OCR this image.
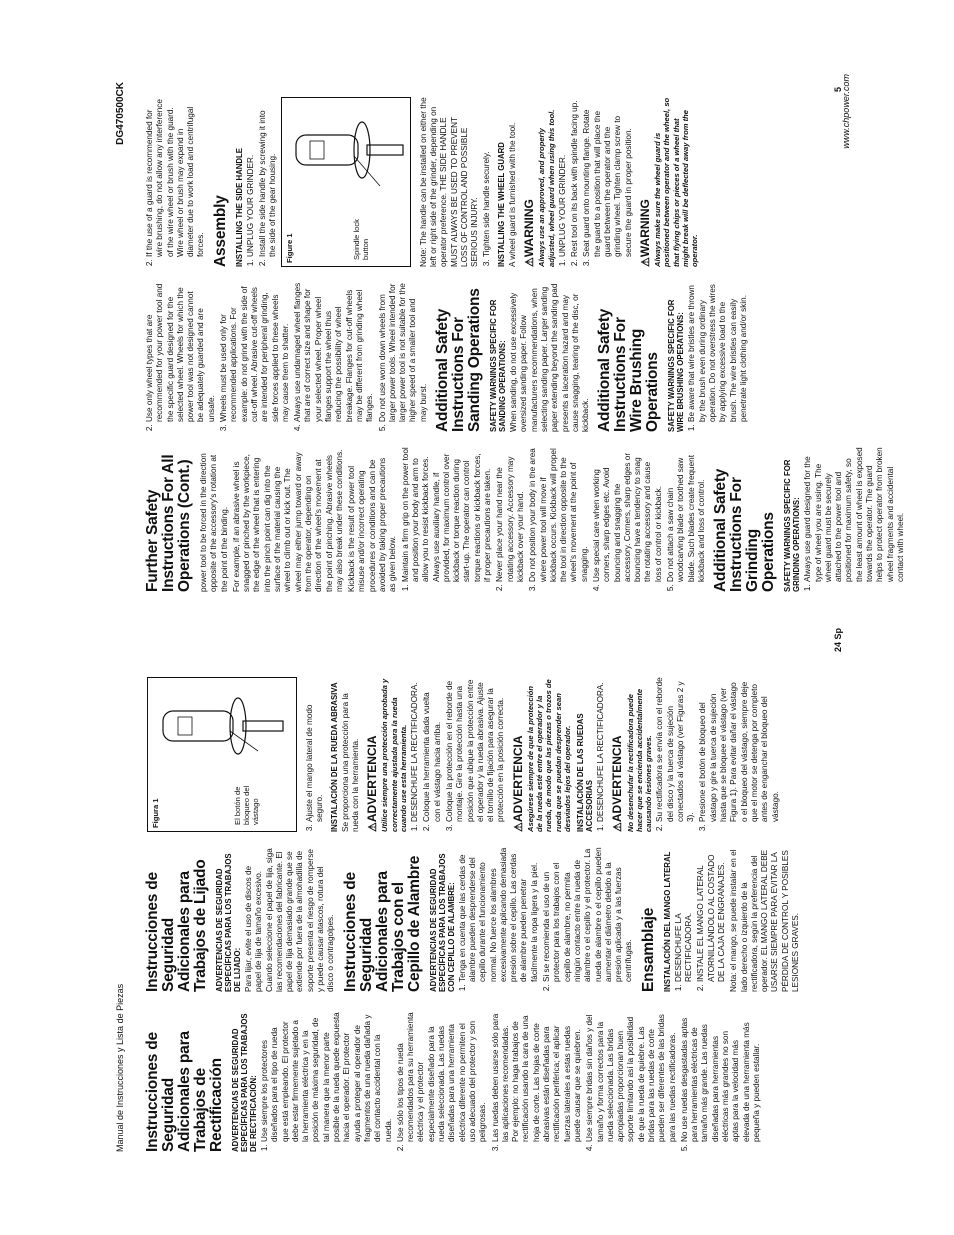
Manual de Instrucciones y Lista de Piezas
DG470500CK
24 Sp
5
www.chpower.com
Instrucciones de Seguridad Adicionales para Trabajos de Rectificación ADVERTENCIAS DE SEGURIDAD ESPECÍFICAS PARA LOS TRABAJOS DE RECTIFICACIÓN: 1. Use siempre los protectores diseñados para el tipo de rueda que está empleando. El protector debe estar firmemente sujetado a la herramienta eléctrica y en la posición de máxima seguridad, de tal manera que la menor parte posible de la rueda quede expuesta hacia el operador. El protector ayuda a proteger al operador de fragmentos de una rueda dañada y del contacto accidental con la rueda. 2. Use sólo los tipos de rueda recomendados para su herramienta eléctrica y el protector especialmente diseñado para la rueda seleccionada. Las ruedas diseñadas para una herramienta eléctrica diferente no permiten el uso adecuado del protector y son peligrosas. 3. Las ruedas deben usarse sólo para las aplicaciones recomendadas. Por ejemplo: no haga trabajos de rectificación usando la cara de una hoja de corte. Las hojas de corte abrasivas están diseñadas para rectificación periférica; el aplicar fuerzas laterales a estas ruedas puede causar que se quiebren. 4. Use siempre bridas sin daños y del tamaño y forma correctos para la rueda seleccionada. Las bridas apropiadas proporcionan buen soporte limitando así la posibilidad de que la rueda de quiebre. Las bridas para las ruedas de corte pueden ser diferentes de las bridas para las ruedas rectificadoras. 5. No use ruedas desgastadas aptas para herramientas eléctricas de tamaño más grande. Las ruedas diseñadas para herramientas eléctricas más grandes no son aptas para la velocidad más elevada de una herramienta más pequeña y pueden estallar.
Instrucciones de Seguridad Adicionales para Trabajos de Lijado ADVERTENCIAS DE SEGURIDAD ESPECÍFICAS PARA LOS TRABAJOS DE LIJADO: Para lijar, evite el uso de discos de papel de lija de tamaño excesivo. Cuando seleccione el papel de lija, siga las recomendaciones del fabricante. El papel de lija demasiado grande que se extiende por fuera de la almohadilla de soporte presenta el riesgo de romperse y puede causar atascos, rotura del disco o contragolpes. Instrucciones de Seguridad Adicionales para Trabajos con el Cepillo de Alambre ADVERTENCIAS DE SEGURIDAD ESPECÍFICAS PARA LOS TRABAJOS CON CEPILLO DE ALAMBRE: 1. Tenga en cuenta que las cerdas de alambre pueden desprenderse del cepillo durante el funcionamiento normal. No fuerce los alambres excesivamente aplicando demasiada presión sobre el cepillo. Las cerdas de alambre pueden penetrar fácilmente la ropa ligera y la piel. 2. Si se recomienda el uso de un protector para los trabajos con el cepillo de alambre, no permita ningún contacto entre la rueda de alambre o el cepillo y el protector. La rueda de alambre o el cepillo pueden aumentar el diámetro debido a la presión aplicada y a las fuerzas centrífugas. Ensamblaje INSTALACIÓN DEL MANGO LATERAL 1. DESENCHUFE LA RECTIFICADORA. 2. INSTALE EL MANGO LATERAL ATORNILLÁNDOLO AL COSTADO DE LA CAJA DE ENGRANAJES. Nota: el mango, se puede instalar en el lado derecho o izquierdo de la rectificadora, según la preferencia del operador. EL MANGO LATERAL DEBE USARSE SIEMPRE PARA EVITAR LA PÉRDIDA DE CONTROL Y POSIBLES LESIONES GRAVES.

Figura 1	El botón de bloqueo del vástago	3. Ajuste el mango lateral de modo seguro. INSTALACIÓN DE LA RUEDA ABRASIVA Se proporciona una protección para la rueda con la herramienta. ⚠ADVERTENCIA Utilice siempre una protección aprobada y correctamente ajustada para la rueda cuando use esta herramienta. 1. DESENCHUFE LA RECTIFICADORA. 2. Coloque la herramienta dada vuelta con el vástago hacia arriba. 3. Coloque la protección en el reborde de montaje. Gire la protección hasta una posición que ubique la protección entre el operador y la rueda abrasiva. Ajuste el tornillo de fijación para asegurar la protección en la posición correcta.
⚠ADVERTENCIA Asegúrese siempre de que la protección de la rueda esté entre el operador y la rueda, de modo que las piezas o trozos de rueda que se puedan desprender sean desviados lejos del operador. INSTALACIÓN DE LAS RUEDAS ACCESORIAS 1. DESENCHUFE LA RECTIFICADORA.
⚠ADVERTENCIA No desenchufar la rectificadora puede hacer que se encienda accidentalmente causando lesiones graves. 2. Su rectificadora se envía con el reborde del disco y la tuerca de sujeción conectados al vástago (ver Figuras 2 y 3). 3. Presione el botón de bloqueo del vástago y gire la tuerca de sujeción hasta que se bloquee el vástago (ver Figura 1). Para evitar dañar el vástago o el bloqueo del vástago, siempre deje que el motor se detenga por completo antes de enganchar el bloqueo del vástago.
Further Safety Instructions For All Operations (Cont.) power tool to be forced in the direction opposite of the accessory's rotation at the point of the binding. For example, if an abrasive wheel is snagged or pinched by the workpiece, the edge of the wheel that is entering into the pinch point can dig into the surface of the material causing the wheel to climb out or kick out. The wheel may either jump toward or away from the operator, depending on direction of the wheel's movement at the point of pinching. Abrasive wheels may also break under these conditions. Kickback is the result of power tool misuse and/or incorrect operating procedures or conditions and can be avoided by taking proper precautions as given below. 1. Maintain a firm grip on the power tool and position your body and arm to allow you to resist kickback forces. Always use auxiliary handle, if provided, for maximum control over kickback or torque reaction during start-up. The operator can control torque reactions or kickback forces, if proper precautions are taken. 2. Never place your hand near the rotating accessory. Accessory may kickback over your hand. 3. Do not position your body in the area where power tool will move if kickback occurs. Kickback will propel the tool in direction opposite to the wheel's movement at the point of snagging. 4. Use special care when working corners, sharp edges etc. Avoid bouncing and snagging the accessory. Corners, sharp edges or bouncing have a tendency to snag the rotating accessory and cause loss of control or kickback. 5. Do not attach a saw chain woodcarving blade or toothed saw blade. Such blades create frequent kickback and loss of control. Additional Safety Instructions For Grinding Operations SAFETY WARNINGS SPECIFIC FOR GRINDING OPERATIONS: 1. Always use guard designed for the type of wheel you are using. The wheel guard must be securely attached to the power tool and positioned for maximum safety, so the least amount of wheel is exposed towards the operator. The guard helps to protect operator from broken wheel fragments and accidental contact with wheel.
2. Use only wheel types that are recommended for your power tool and the specific guard designed for the selected wheel. Wheels for which the power tool was not designed cannot be adequately guarded and are unsafe. 3. Wheels must be used only for recommended applications. For example: do not grind with the side of cut-off wheel. Abrasive cut-off wheels are intended for peripheral grinding, side forces applied to these wheels may cause them to shatter. 4. Always use undamaged wheel flanges that are of correct size and shape for your selected wheel. Proper wheel flanges support the wheel thus reducing the possibility of wheel breakage. Flanges for cut-off wheels may be different from grinding wheel flanges. 5. Do not use worn down wheels from larger power tools. Wheel intended for larger power tool is not suitable for the higher speed of a smaller tool and may burst. Additional Safety Instructions For Sanding Operations SAFETY WARNINGS SPECIFIC FOR SANDING OPERATIONS: When sanding, do not use excessively oversized sanding paper. Follow manufacturers recommendations, when selecting sanding paper. Larger sanding paper extending beyond the sanding pad presents a laceration hazard and may cause snagging, tearing of the disc, or kickback. Additional Safety Instructions For Wire Brushing Operations SAFETY WARNINGS SPECIFIC FOR WIRE BRUSHING OPERATIONS: 1. Be aware that wire bristles are thrown by the brush even during ordinary operation. Do not overstress the wires by applying excessive load to the brush. The wire bristles can easily penetrate light clothing and/or skin.
2. If the use of a guard is recommended for wire brushing, do not allow any interference of the wire wheel or brush with the guard. Wire wheel or brush may expand in diameter due to work load and centrifugal forces. Assembly INSTALLING THE SIDE HANDLE 1. UNPLUG YOUR GRINDER. 2. Install the side handle by screwing it into the side of the gear housing. Figure 1	Spindle lock button	Note: The handle can be installed on either the left or right side of the grinder, depending on operator preference. THE SIDE HANDLE MUST ALWAYS BE USED TO PREVENT LOSS OF CONTROL AND POSSIBLE SERIOUS INJURY. 3. Tighten side handle securely. INSTALLING THE WHEEL GUARD A wheel guard is furnished with the tool. ⚠WARNING Always use an approved, and properly adjusted, wheel guard when using this tool. 1. UNPLUG YOUR GRINDER. 2. Rest tool on its back with spindle facing up. 3. Seat guard onto mounting flange. Rotate the guard to a position that will place the guard between the operator and the grinding wheel. Tighten clamp screw to secure the guard in proper position.
⚠WARNING Always make sure the wheel guard is positioned between operator and the wheel, so that flying chips or pieces of a wheel that might break will be deflected away from the operator.
